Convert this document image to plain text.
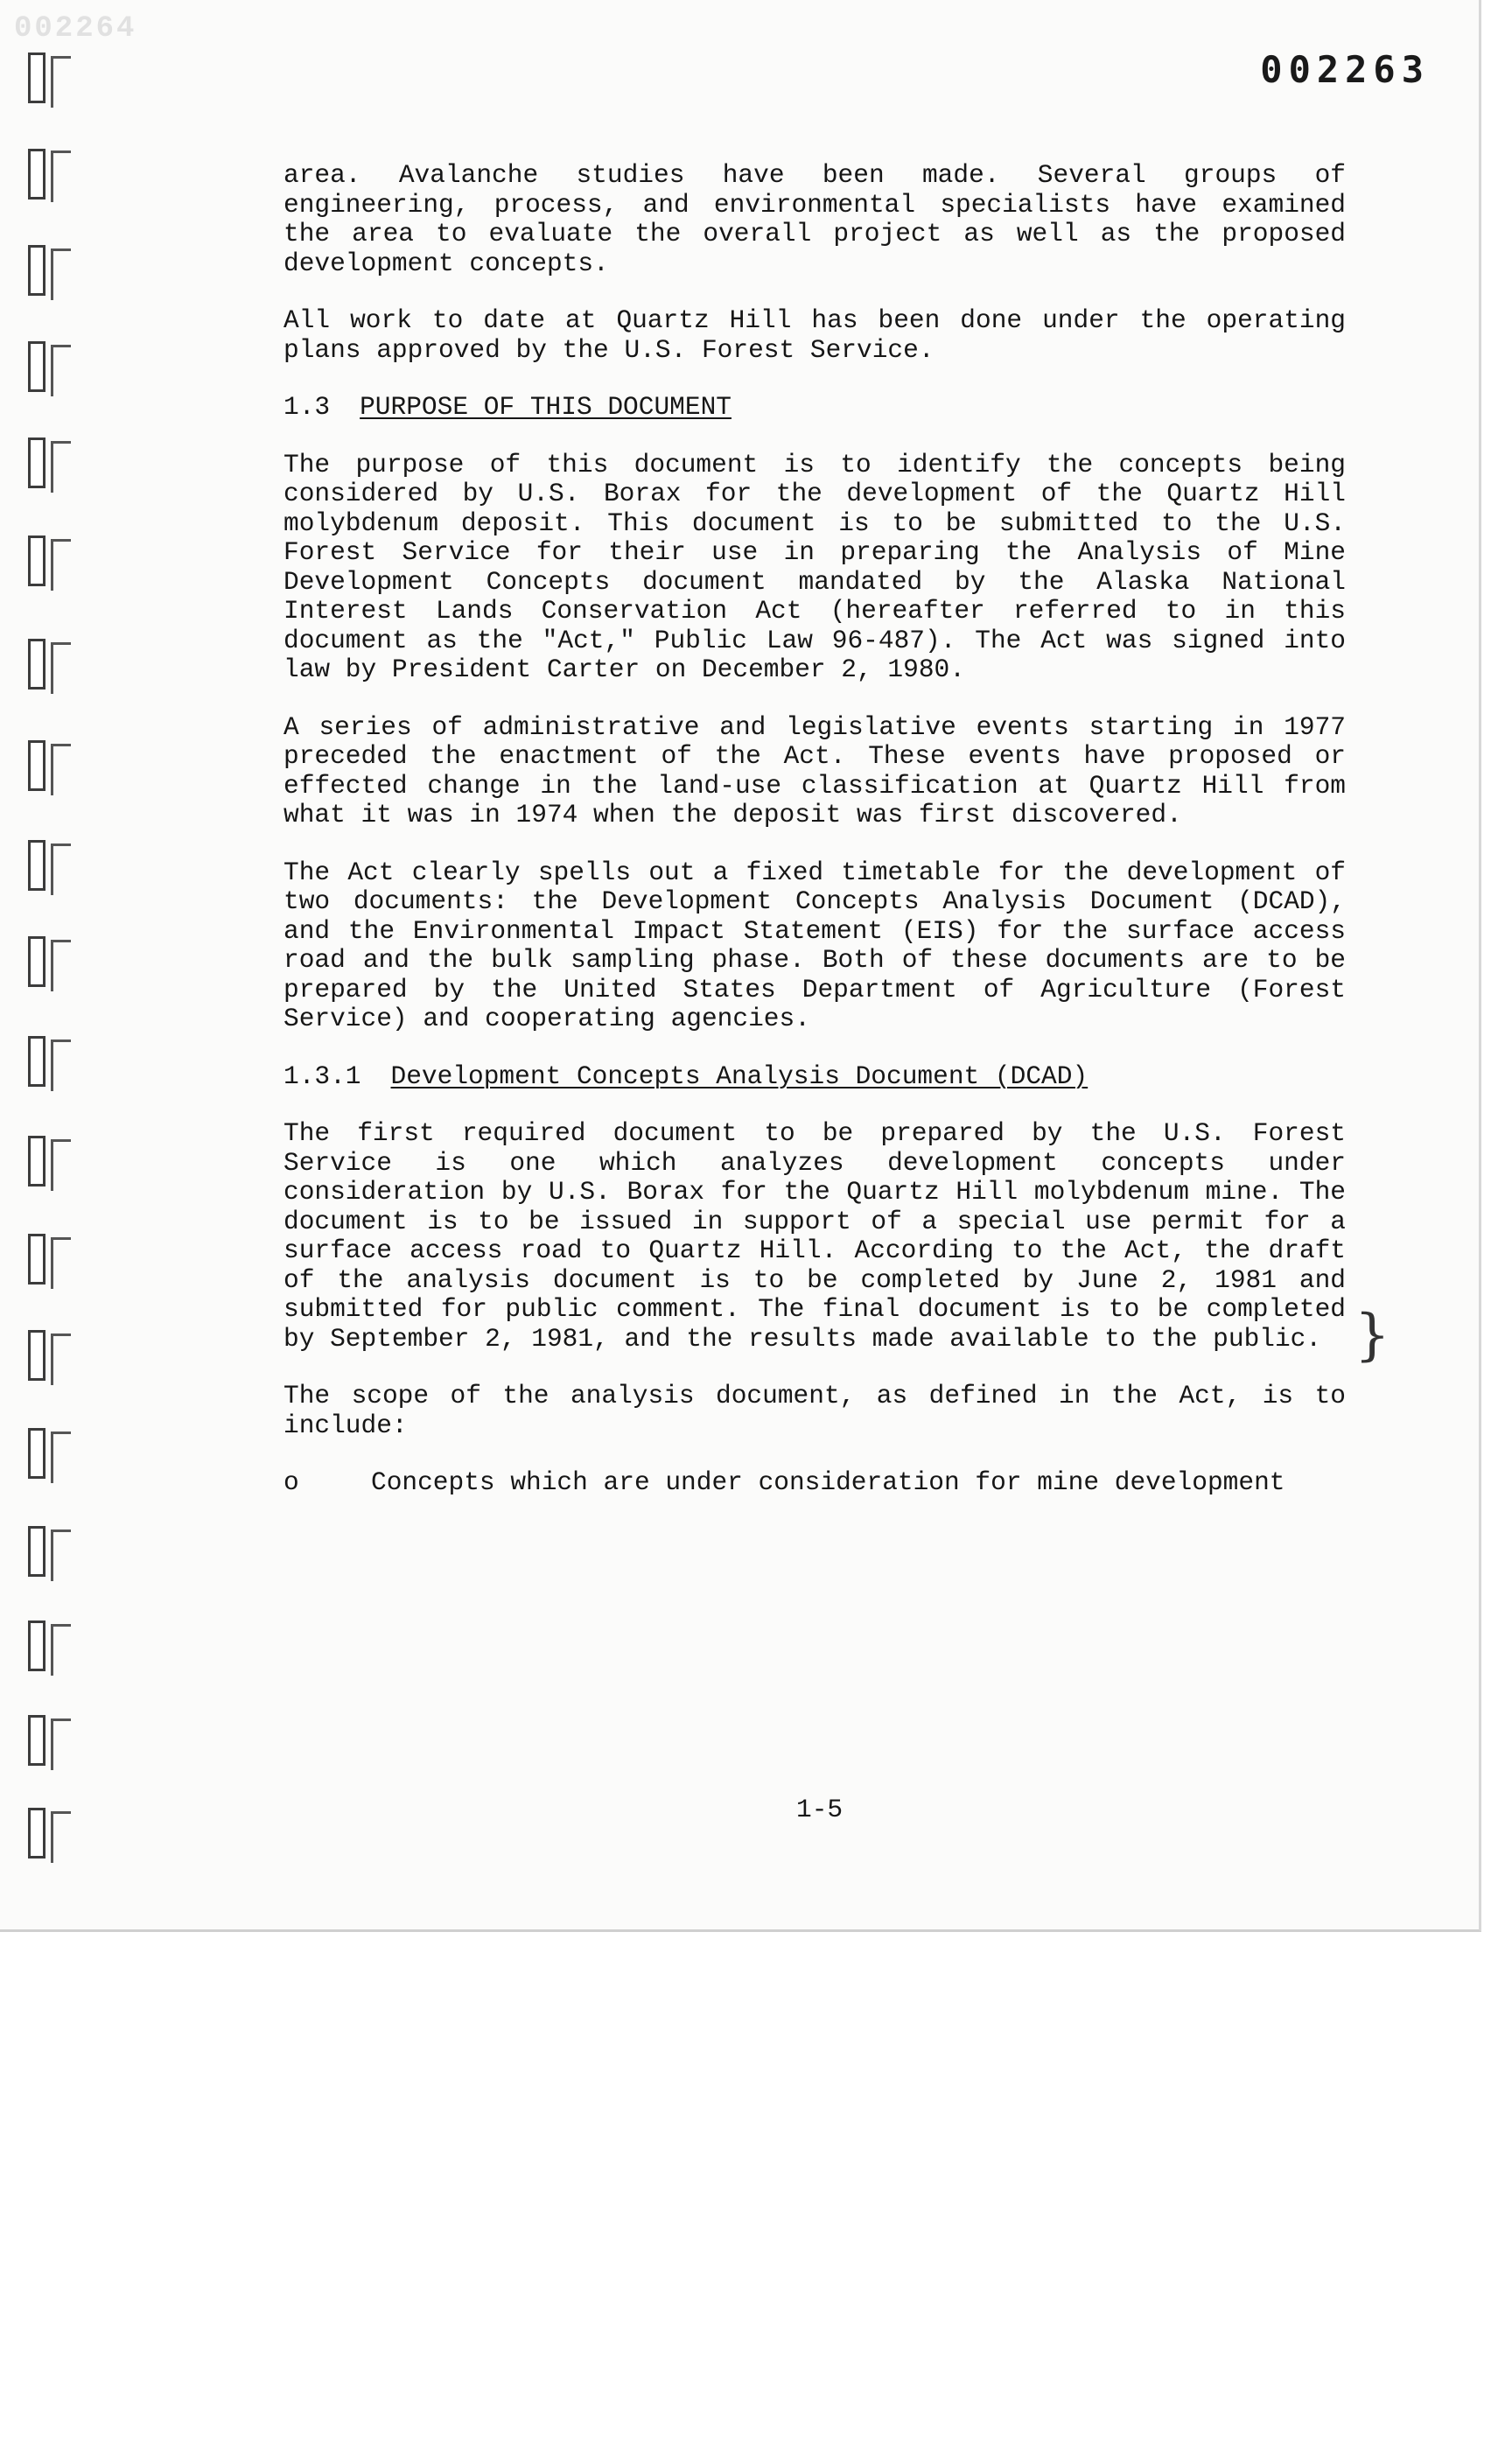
002264
002263

area. Avalanche studies have been made. Several groups of engineering, process, and environmental specialists have examined the area to evaluate the overall project as well as the proposed development concepts.

All work to date at Quartz Hill has been done under the operating plans approved by the U.S. Forest Service.

1.3 PURPOSE OF THIS DOCUMENT

The purpose of this document is to identify the concepts being considered by U.S. Borax for the development of the Quartz Hill molybdenum deposit. This document is to be submitted to the U.S. Forest Service for their use in preparing the Analysis of Mine Development Concepts document mandated by the Alaska National Interest Lands Conservation Act (hereafter referred to in this document as the "Act," Public Law 96-487). The Act was signed into law by President Carter on December 2, 1980.

A series of administrative and legislative events starting in 1977 preceded the enactment of the Act. These events have proposed or effected change in the land-use classification at Quartz Hill from what it was in 1974 when the deposit was first discovered.

The Act clearly spells out a fixed timetable for the development of two documents: the Development Concepts Analysis Document (DCAD), and the Environmental Impact Statement (EIS) for the surface access road and the bulk sampling phase. Both of these documents are to be prepared by the United States Department of Agriculture (Forest Service) and cooperating agencies.

1.3.1 Development Concepts Analysis Document (DCAD)

The first required document to be prepared by the U.S. Forest Service is one which analyzes development concepts under consideration by U.S. Borax for the Quartz Hill molybdenum mine. The document is to be issued in support of a special use permit for a surface access road to Quartz Hill. According to the Act, the draft of the analysis document is to be completed by June 2, 1981 and submitted for public comment. The final document is to be completed by September 2, 1981, and the results made available to the public.

The scope of the analysis document, as defined in the Act, is to include:

o	Concepts which are under consideration for mine development
}
1-5
